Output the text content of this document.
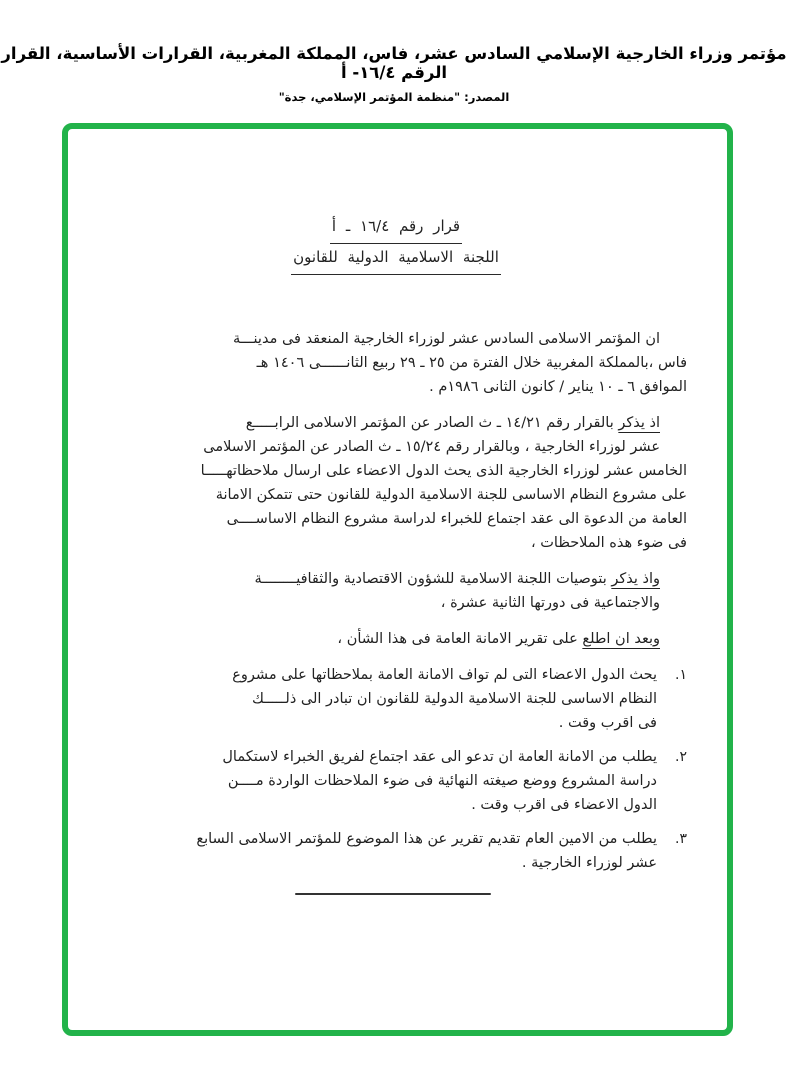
مؤتمر وزراء الخارجية الإسلامي السادس عشر، فاس، المملكة المغربية، القرارات الأساسية، القرار الرقم ١٦/٤- أ
المصدر: "منظمة المؤتمر الإسلامي، جدة"
قرار رقم ١٦/٤ ـ أ
اللجنة الاسلامية الدولية للقانون
ان المؤتمر الاسلامى السادس عشر لوزراء الخارجية المنعقد فى مدينـــة
فاس ،بالمملكة المغربية خلال الفترة من ٢٥ ـ ٢٩ ربيع الثانــــــى ١٤٠٦ هـ
الموافق ٦ ـ ١٠ يناير / كانون الثانى ١٩٨٦م .
اذ يذكر بالقرار رقم ١٤/٢١ ـ ث الصادر عن المؤتمر الاسلامى الرابـــــع
عشر لوزراء الخارجية ، وبالقرار رقم ١٥/٢٤ ـ ث الصادر عن المؤتمر الاسلامى
الخامس عشر لوزراء الخارجية الذى يحث الدول الاعضاء على ارسال ملاحظاتهـــــا
على مشروع النظام الاساسى للجنة الاسلامية الدولية للقانون حتى تتمكن الامانة
العامة من الدعوة الى عقد اجتماع للخبراء لدراسة مشروع النظام الاساســــى
فى ضوء هذه الملاحظات ،
واذ يذكر بتوصيات اللجنة الاسلامية للشؤون الاقتصادية والثقافيــــــــة
والاجتماعية فى دورتها الثانية عشرة ،
وبعد ان اطلع على تقرير الامانة العامة فى هذا الشأن ،
١.
يحث الدول الاعضاء التى لم تواف الامانة العامة بملاحظاتها على مشروع
النظام الاساسى للجنة الاسلامية الدولية للقانون ان تبادر الى ذلـــــك
فى اقرب وقت .
٢.
يطلب من الامانة العامة ان تدعو الى عقد اجتماع لفريق الخبراء لاستكمال
دراسة المشروع ووضع صيغته النهائية فى ضوء الملاحظات الواردة مــــن
الدول الاعضاء فى اقرب وقت .
٣.
يطلب من الامين العام تقديم تقرير عن هذا الموضوع للمؤتمر الاسلامى السابع
عشر لوزراء الخارجية .
